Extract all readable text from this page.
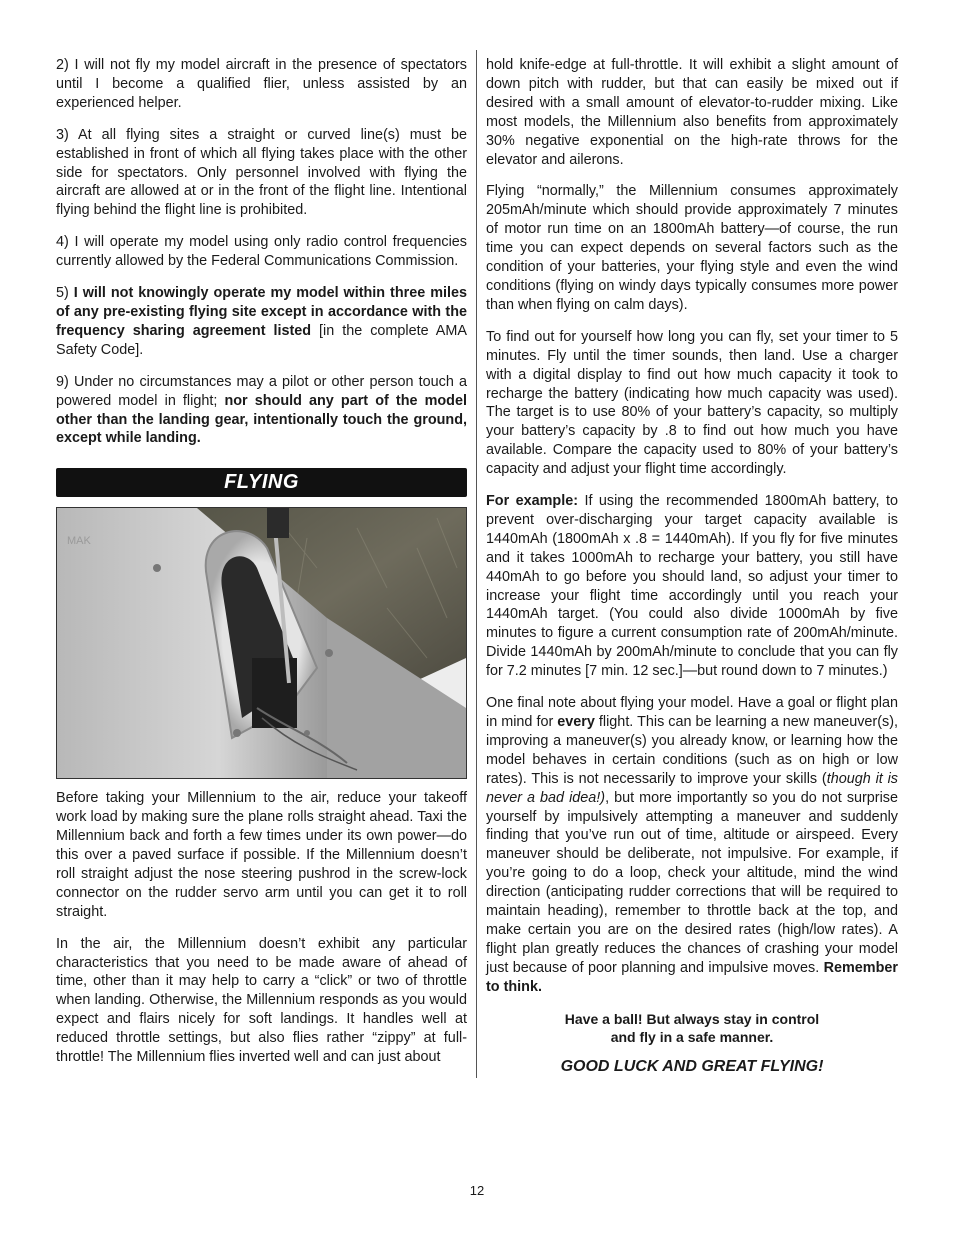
2) I will not fly my model aircraft in the presence of spectators until I become a qualified flier, unless assisted by an experienced helper.

3) At all flying sites a straight or curved line(s) must be established in front of which all flying takes place with the other side for spectators. Only personnel involved with flying the aircraft are allowed at or in the front of the flight line. Intentional flying behind the flight line is prohibited.

4) I will operate my model using only radio control frequencies currently allowed by the Federal Communications Commission.

5) I will not knowingly operate my model within three miles of any pre-existing flying site except in accordance with the frequency sharing agreement listed [in the complete AMA Safety Code].

9) Under no circumstances may a pilot or other person touch a powered model in flight; nor should any part of the model other than the landing gear, intentionally touch the ground, except while landing.

FLYING
MAK

Before taking your Millennium to the air, reduce your takeoff work load by making sure the plane rolls straight ahead. Taxi the Millennium back and forth a few times under its own power—do this over a paved surface if possible. If the Millennium doesn’t roll straight adjust the nose steering pushrod in the screw-lock connector on the rudder servo arm until you can get it to roll straight.

In the air, the Millennium doesn’t exhibit any particular characteristics that you need to be made aware of ahead of time, other than it may help to carry a “click” or two of throttle when landing. Otherwise, the Millennium responds as you would expect and flairs nicely for soft landings. It handles well at reduced throttle settings, but also flies rather “zippy” at full-throttle! The Millennium flies inverted well and can just about

hold knife-edge at full-throttle. It will exhibit a slight amount of down pitch with rudder, but that can easily be mixed out if desired with a small amount of elevator-to-rudder mixing. Like most models, the Millennium also benefits from approximately 30% negative exponential on the high-rate throws for the elevator and ailerons.

Flying “normally,” the Millennium consumes approximately 205mAh/minute which should provide approximately 7 minutes of motor run time on an 1800mAh battery—of course, the run time you can expect depends on several factors such as the condition of your batteries, your flying style and even the wind conditions (flying on windy days typically consumes more power than when flying on calm days).

To find out for yourself how long you can fly, set your timer to 5 minutes. Fly until the timer sounds, then land. Use a charger with a digital display to find out how much capacity it took to recharge the battery (indicating how much capacity was used). The target is to use 80% of your battery’s capacity, so multiply your battery’s capacity by .8 to find out how much you have available. Compare the capacity used to 80% of your battery’s capacity and adjust your flight time accordingly.

For example: If using the recommended 1800mAh battery, to prevent over-discharging your target capacity available is 1440mAh (1800mAh x .8 = 1440mAh). If you fly for five minutes and it takes 1000mAh to recharge your battery, you still have 440mAh to go before you should land, so adjust your timer to increase your flight time accordingly until you reach your 1440mAh target. (You could also divide 1000mAh by five minutes to figure a current consumption rate of 200mAh/minute. Divide 1440mAh by 200mAh/minute to conclude that you can fly for 7.2 minutes [7 min. 12 sec.]—but round down to 7 minutes.)

One final note about flying your model. Have a goal or flight plan in mind for every flight. This can be learning a new maneuver(s), improving a maneuver(s) you already know, or learning how the model behaves in certain conditions (such as on high or low rates). This is not necessarily to improve your skills (though it is never a bad idea!), but more importantly so you do not surprise yourself by impulsively attempting a maneuver and suddenly finding that you’ve run out of time, altitude or airspeed. Every maneuver should be deliberate, not impulsive. For example, if you’re going to do a loop, check your altitude, mind the wind direction (anticipating rudder corrections that will be required to maintain heading), remember to throttle back at the top, and make certain you are on the desired rates (high/low rates). A flight plan greatly reduces the chances of crashing your model just because of poor planning and impulsive moves. Remember to think.

Have a ball! But always stay in control
and fly in a safe manner.
GOOD LUCK AND GREAT FLYING!
12
